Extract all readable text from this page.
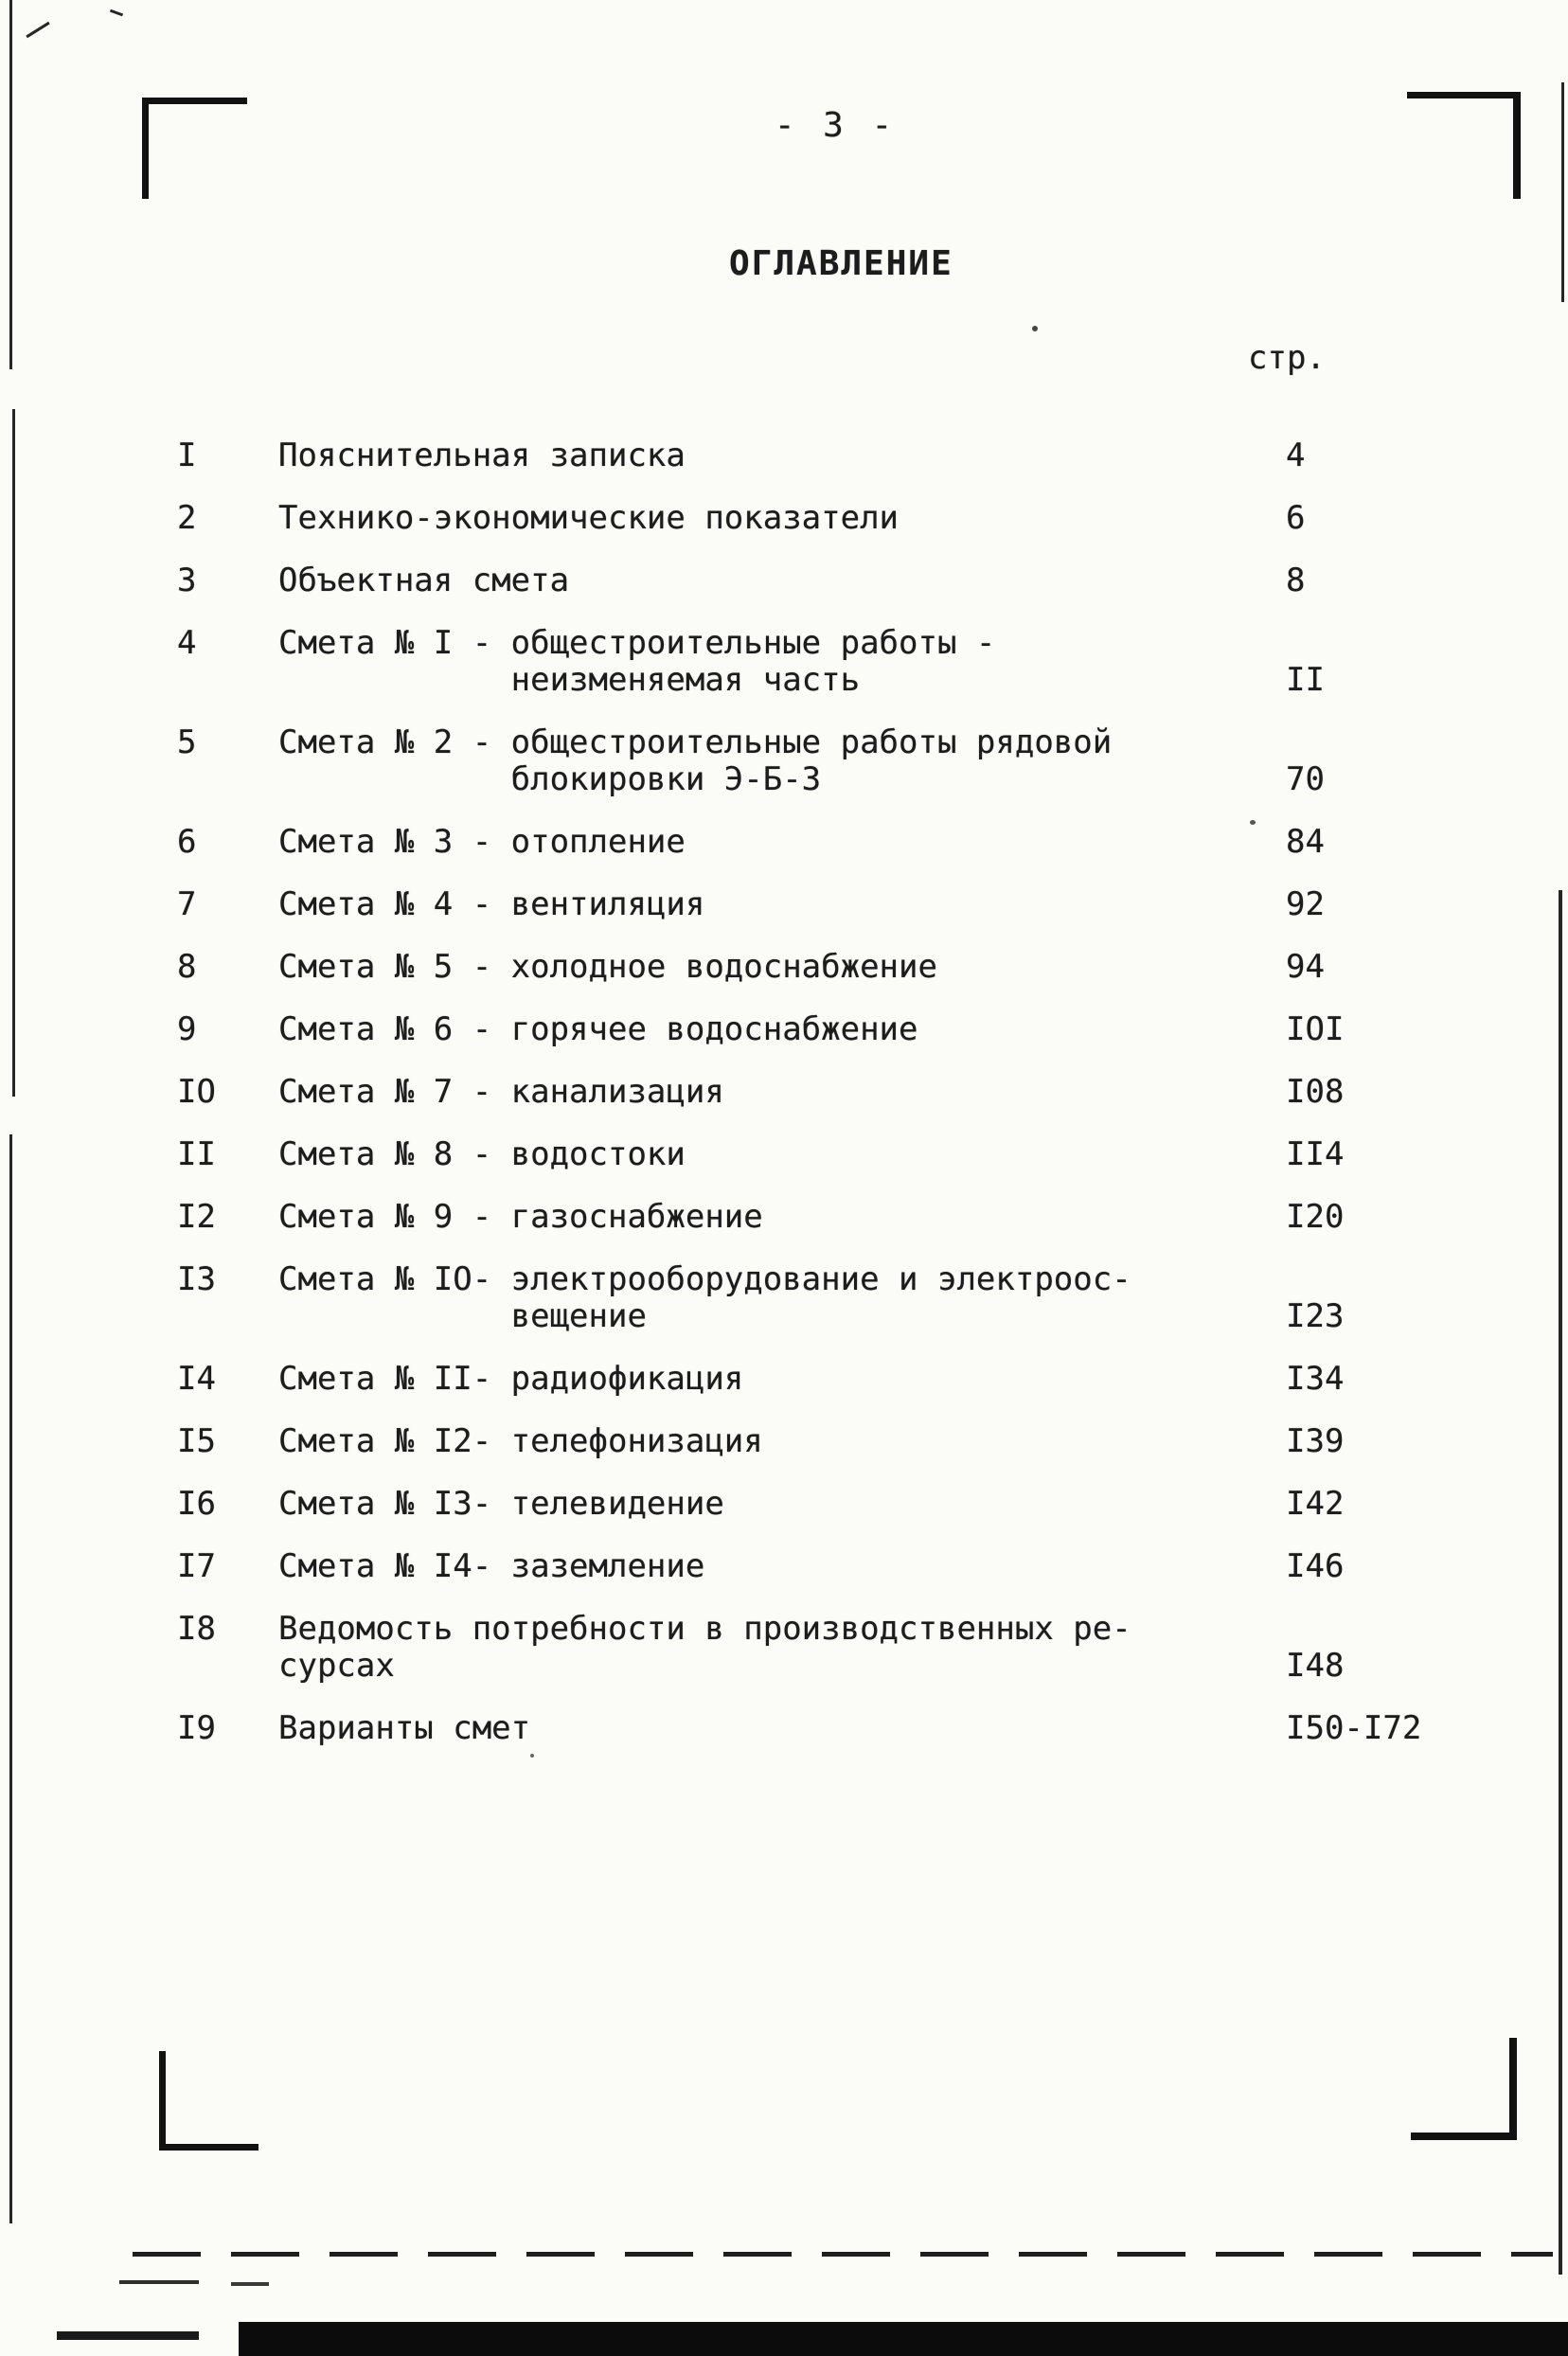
- 3 -
ОГЛАВЛЕНИЕ
стр.
I	Пояснительная записка	4
2	Технико-экономические показатели	6
3	Объектная смета	8
4	Смета № I - общестроительные работы -
неизменяемая часть	II
5	Смета № 2 - общестроительные работы рядовой
блокировки Э-Б-3	70
6	Смета № 3 - отопление	84
7	Смета № 4 - вентиляция	92
8	Смета № 5 - холодное водоснабжение	94
9	Смета № 6 - горячее водоснабжение	IOI
IO	Смета № 7 - канализация	I08
II	Смета № 8 - водостоки	II4
I2	Смета № 9 - газоснабжение	I20
I3	Смета № IO- электрооборудование и электроос-
вещение	I23
I4	Смета № II- радиофикация	I34
I5	Смета № I2- телефонизация	I39
I6	Смета № I3- телевидение	I42
I7	Смета № I4- заземление	I46
I8	Ведомость потребности в производственных ре-
сурсах	I48
I9	Варианты смет	I50-I72
